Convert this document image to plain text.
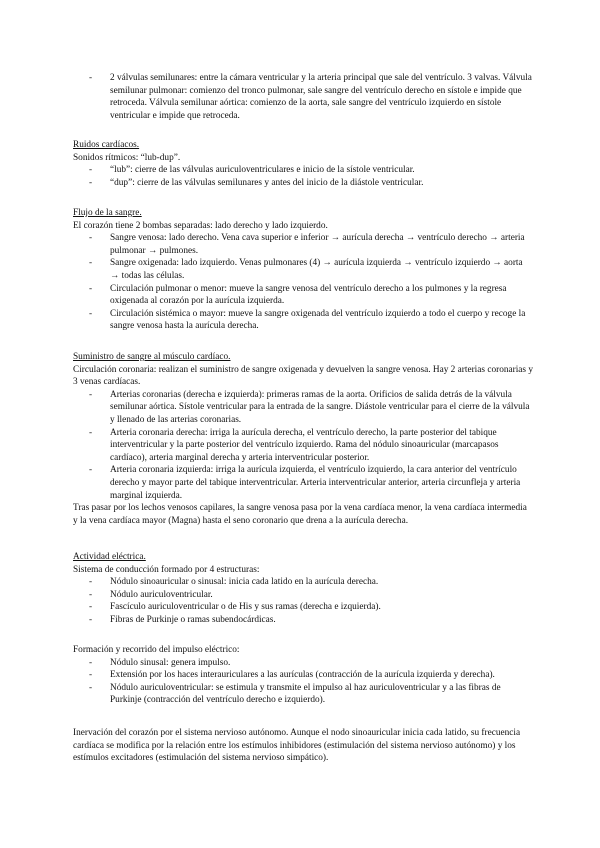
- 2 válvulas semilunares: entre la cámara ventricular y la arteria principal que sale del ventrículo. 3 valvas. Válvula semilunar pulmonar: comienzo del tronco pulmonar, sale sangre del ventrículo derecho en sístole e impide que retroceda. Válvula semilunar aórtica: comienzo de la aorta, sale sangre del ventrículo izquierdo en sístole ventricular e impide que retroceda.

Ruidos cardíacos.

Sonidos rítmicos: “lub-dup”.

- “lub”: cierre de las válvulas auriculoventriculares e inicio de la sístole ventricular.
- “dup”: cierre de las válvulas semilunares y antes del inicio de la diástole ventricular.

Flujo de la sangre.

El corazón tiene 2 bombas separadas: lado derecho y lado izquierdo.

- Sangre venosa: lado derecho. Vena cava superior e inferior → aurícula derecha → ventrículo derecho → arteria pulmonar → pulmones.
- Sangre oxigenada: lado izquierdo. Venas pulmonares (4) → aurícula izquierda → ventrículo izquierdo → aorta → todas las células.
- Circulación pulmonar o menor: mueve la sangre venosa del ventrículo derecho a los pulmones y la regresa oxigenada al corazón por la aurícula izquierda.
- Circulación sistémica o mayor: mueve la sangre oxigenada del ventrículo izquierdo a todo el cuerpo y recoge la sangre venosa hasta la aurícula derecha.

Suministro de sangre al músculo cardíaco.

Circulación coronaria: realizan el suministro de sangre oxigenada y devuelven la sangre venosa. Hay 2 arterias coronarias y 3 venas cardíacas.

- Arterias coronarias (derecha e izquierda): primeras ramas de la aorta. Orificios de salida detrás de la válvula semilunar aórtica. Sístole ventricular para la entrada de la sangre. Diástole ventricular para el cierre de la válvula y llenado de las arterias coronarias.
- Arteria coronaria derecha: irriga la aurícula derecha, el ventrículo derecho, la parte posterior del tabique interventricular y la parte posterior del ventrículo izquierdo. Rama del nódulo sinoauricular (marcapasos cardíaco), arteria marginal derecha y arteria interventricular posterior.
- Arteria coronaria izquierda: irriga la aurícula izquierda, el ventrículo izquierdo, la cara anterior del ventrículo derecho y mayor parte del tabique interventricular. Arteria interventricular anterior, arteria circunfleja y arteria marginal izquierda.

Tras pasar por los lechos venosos capilares, la sangre venosa pasa por la vena cardíaca menor, la vena cardíaca intermedia y la vena cardíaca mayor (Magna) hasta el seno coronario que drena a la aurícula derecha.

Actividad eléctrica.

Sistema de conducción formado por 4 estructuras:

- Nódulo sinoauricular o sinusal: inicia cada latido en la aurícula derecha.
- Nódulo auriculoventricular.
- Fascículo auriculoventricular o de His y sus ramas (derecha e izquierda).
- Fibras de Purkinje o ramas subendocárdicas.

Formación y recorrido del impulso eléctrico:

- Nódulo sinusal: genera impulso.
- Extensión por los haces interauriculares a las aurículas (contracción de la aurícula izquierda y derecha).
- Nódulo auriculoventricular: se estimula y transmite el impulso al haz auriculoventricular y a las fibras de Purkinje (contracción del ventrículo derecho e izquierdo).

Inervación del corazón por el sistema nervioso autónomo. Aunque el nodo sinoauricular inicia cada latido, su frecuencia cardíaca se modifica por la relación entre los estímulos inhibidores (estimulación del sistema nervioso autónomo) y los estímulos excitadores (estimulación del sistema nervioso simpático).
